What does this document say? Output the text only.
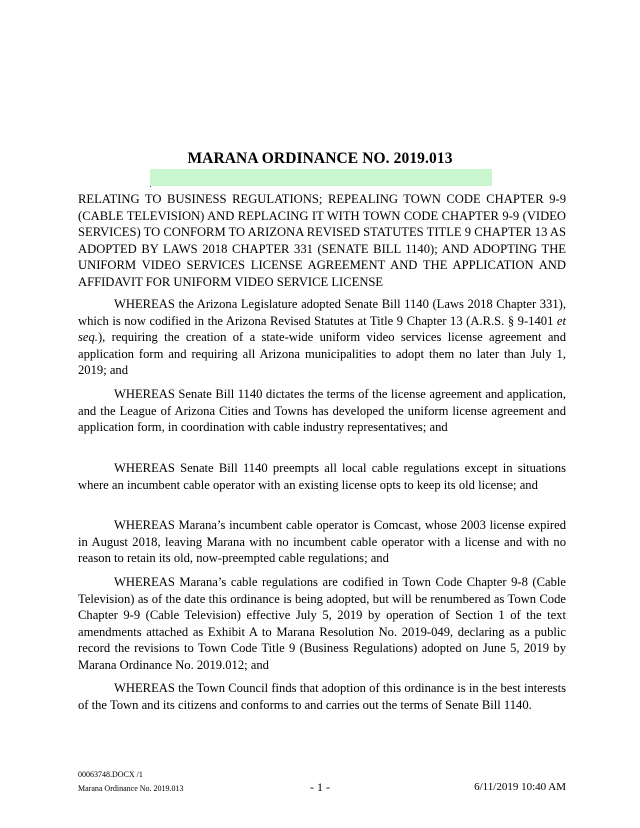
MARANA ORDINANCE NO. 2019.013
RELATING TO BUSINESS REGULATIONS; REPEALING TOWN CODE CHAPTER 9-9 (CABLE TELEVISION) AND REPLACING IT WITH TOWN CODE CHAPTER 9-9 (VIDEO SERVICES) TO CONFORM TO ARIZONA REVISED STATUTES TITLE 9 CHAPTER 13 AS ADOPTED BY LAWS 2018 CHAPTER 331 (SENATE BILL 1140); AND ADOPTING THE UNIFORM VIDEO SERVICES LICENSE AGREEMENT AND THE APPLICATION AND AFFIDAVIT FOR UNIFORM VIDEO SERVICE LICENSE

WHEREAS the Arizona Legislature adopted Senate Bill 1140 (Laws 2018 Chapter 331), which is now codified in the Arizona Revised Statutes at Title 9 Chapter 13 (A.R.S. § 9-1401 et seq.), requiring the creation of a state-wide uniform video services license agreement and application form and requiring all Arizona municipalities to adopt them no later than July 1, 2019; and

WHEREAS Senate Bill 1140 dictates the terms of the license agreement and application, and the League of Arizona Cities and Towns has developed the uniform license agreement and application form, in coordination with cable industry representatives; and

WHEREAS Senate Bill 1140 preempts all local cable regulations except in situations where an incumbent cable operator with an existing license opts to keep its old license; and

WHEREAS Marana’s incumbent cable operator is Comcast, whose 2003 license expired in August 2018, leaving Marana with no incumbent cable operator with a license and with no reason to retain its old, now-preempted cable regulations; and

WHEREAS Marana’s cable regulations are codified in Town Code Chapter 9-8 (Cable Television) as of the date this ordinance is being adopted, but will be renumbered as Town Code Chapter 9-9 (Cable Television) effective July 5, 2019 by operation of Section 1 of the text amendments attached as Exhibit A to Marana Resolution No. 2019-049, declaring as a public record the revisions to Town Code Title 9 (Business Regulations) adopted on June 5, 2019 by Marana Ordinance No. 2019.012; and

WHEREAS the Town Council finds that adoption of this ordinance is in the best interests of the Town and its citizens and conforms to and carries out the terms of Senate Bill 1140.

00063748.DOCX /1
Marana Ordinance No. 2019.013	- 1 -	6/11/2019 10:40 AM
